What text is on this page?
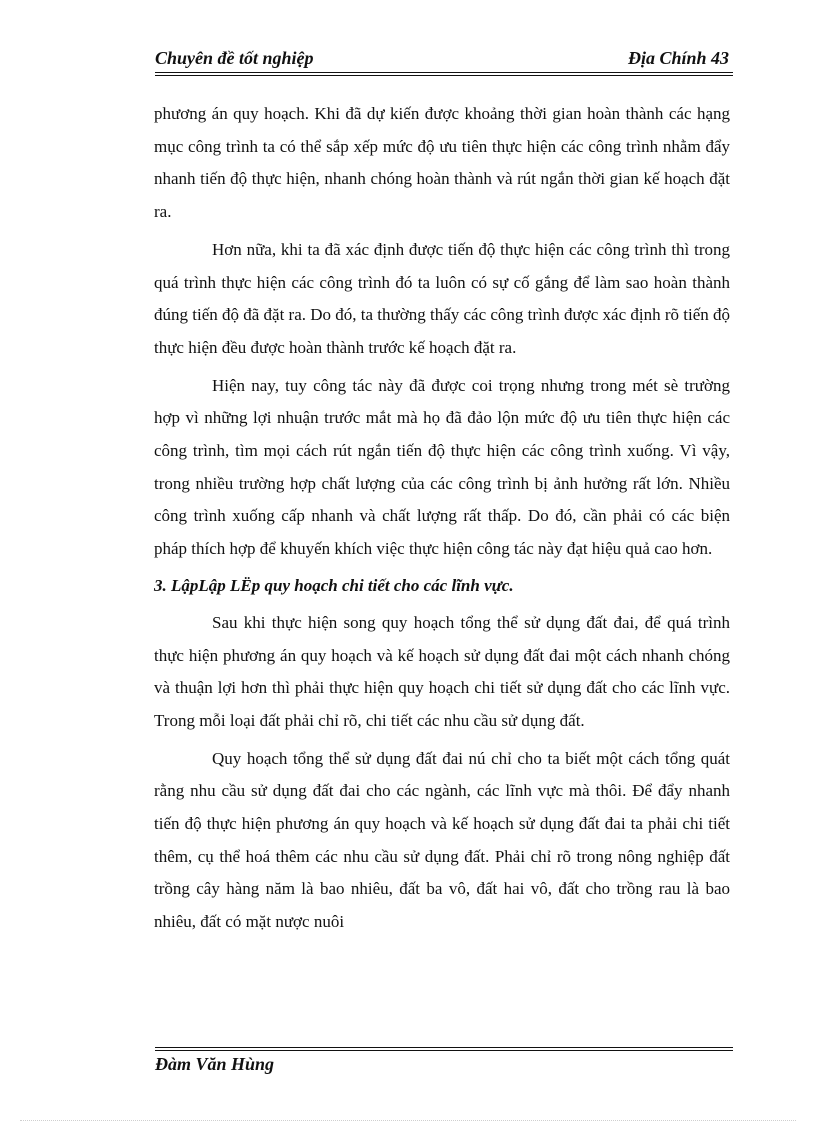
Chuyên đề tốt nghiệp	Địa Chính 43

phương án quy hoạch. Khi đã dự kiến được khoảng thời gian hoàn thành các hạng mục công trình ta có thể sắp xếp mức độ ưu tiên thực hiện các công trình nhằm đẩy nhanh tiến độ thực hiện, nhanh chóng hoàn thành và rút ngắn thời gian kế hoạch đặt ra.

Hơn nữa, khi ta đã xác định được tiến độ thực hiện các công trình thì trong quá trình thực hiện các công trình đó ta luôn có sự cố gắng để làm sao hoàn thành đúng tiến độ đã đặt ra. Do đó, ta thường thấy các công trình được xác định rõ tiến độ thực hiện đều được hoàn thành trước kế hoạch đặt ra.

Hiện nay, tuy công tác này đã được coi trọng nhưng trong mét sè trường hợp vì những lợi nhuận trước mắt mà họ đã đảo lộn mức độ ưu tiên thực hiện các công trình, tìm mọi cách rút ngắn tiến độ thực hiện các công trình xuống. Vì vậy, trong nhiều trường hợp chất lượng của các công trình bị ảnh hưởng rất lớn. Nhiều công trình xuống cấp nhanh và chất lượng rất thấp. Do đó, cần phải có các biện pháp thích hợp để khuyến khích việc thực hiện công tác này đạt hiệu quả cao hơn.

3. LậpLập LËp quy hoạch chi tiết cho các lĩnh vực.

Sau khi thực hiện song quy hoạch tổng thể sử dụng đất đai, để quá trình thực hiện phương án quy hoạch và kế hoạch sử dụng đất đai một cách nhanh chóng và thuận lợi hơn thì phải thực hiện quy hoạch chi tiết sử dụng đất cho các lĩnh vực. Trong mỗi loại đất phải chỉ rõ, chi tiết các nhu cầu sử dụng đất.

Quy hoạch tổng thể sử dụng đất đai nú chỉ cho ta biết một cách tổng quát rằng nhu cầu sử dụng đất đai cho các ngành, các lĩnh vực mà thôi. Để đẩy nhanh tiến độ thực hiện phương án quy hoạch và kế hoạch sử dụng đất đai ta phải chi tiết thêm, cụ thể hoá thêm các nhu cầu sử dụng đất. Phải chỉ rõ trong nông nghiệp đất trồng cây hàng năm là bao nhiêu, đất ba vô, đất hai vô, đất cho trồng rau là bao nhiêu, đất có mặt nược nuôi

Đàm Văn Hùng
